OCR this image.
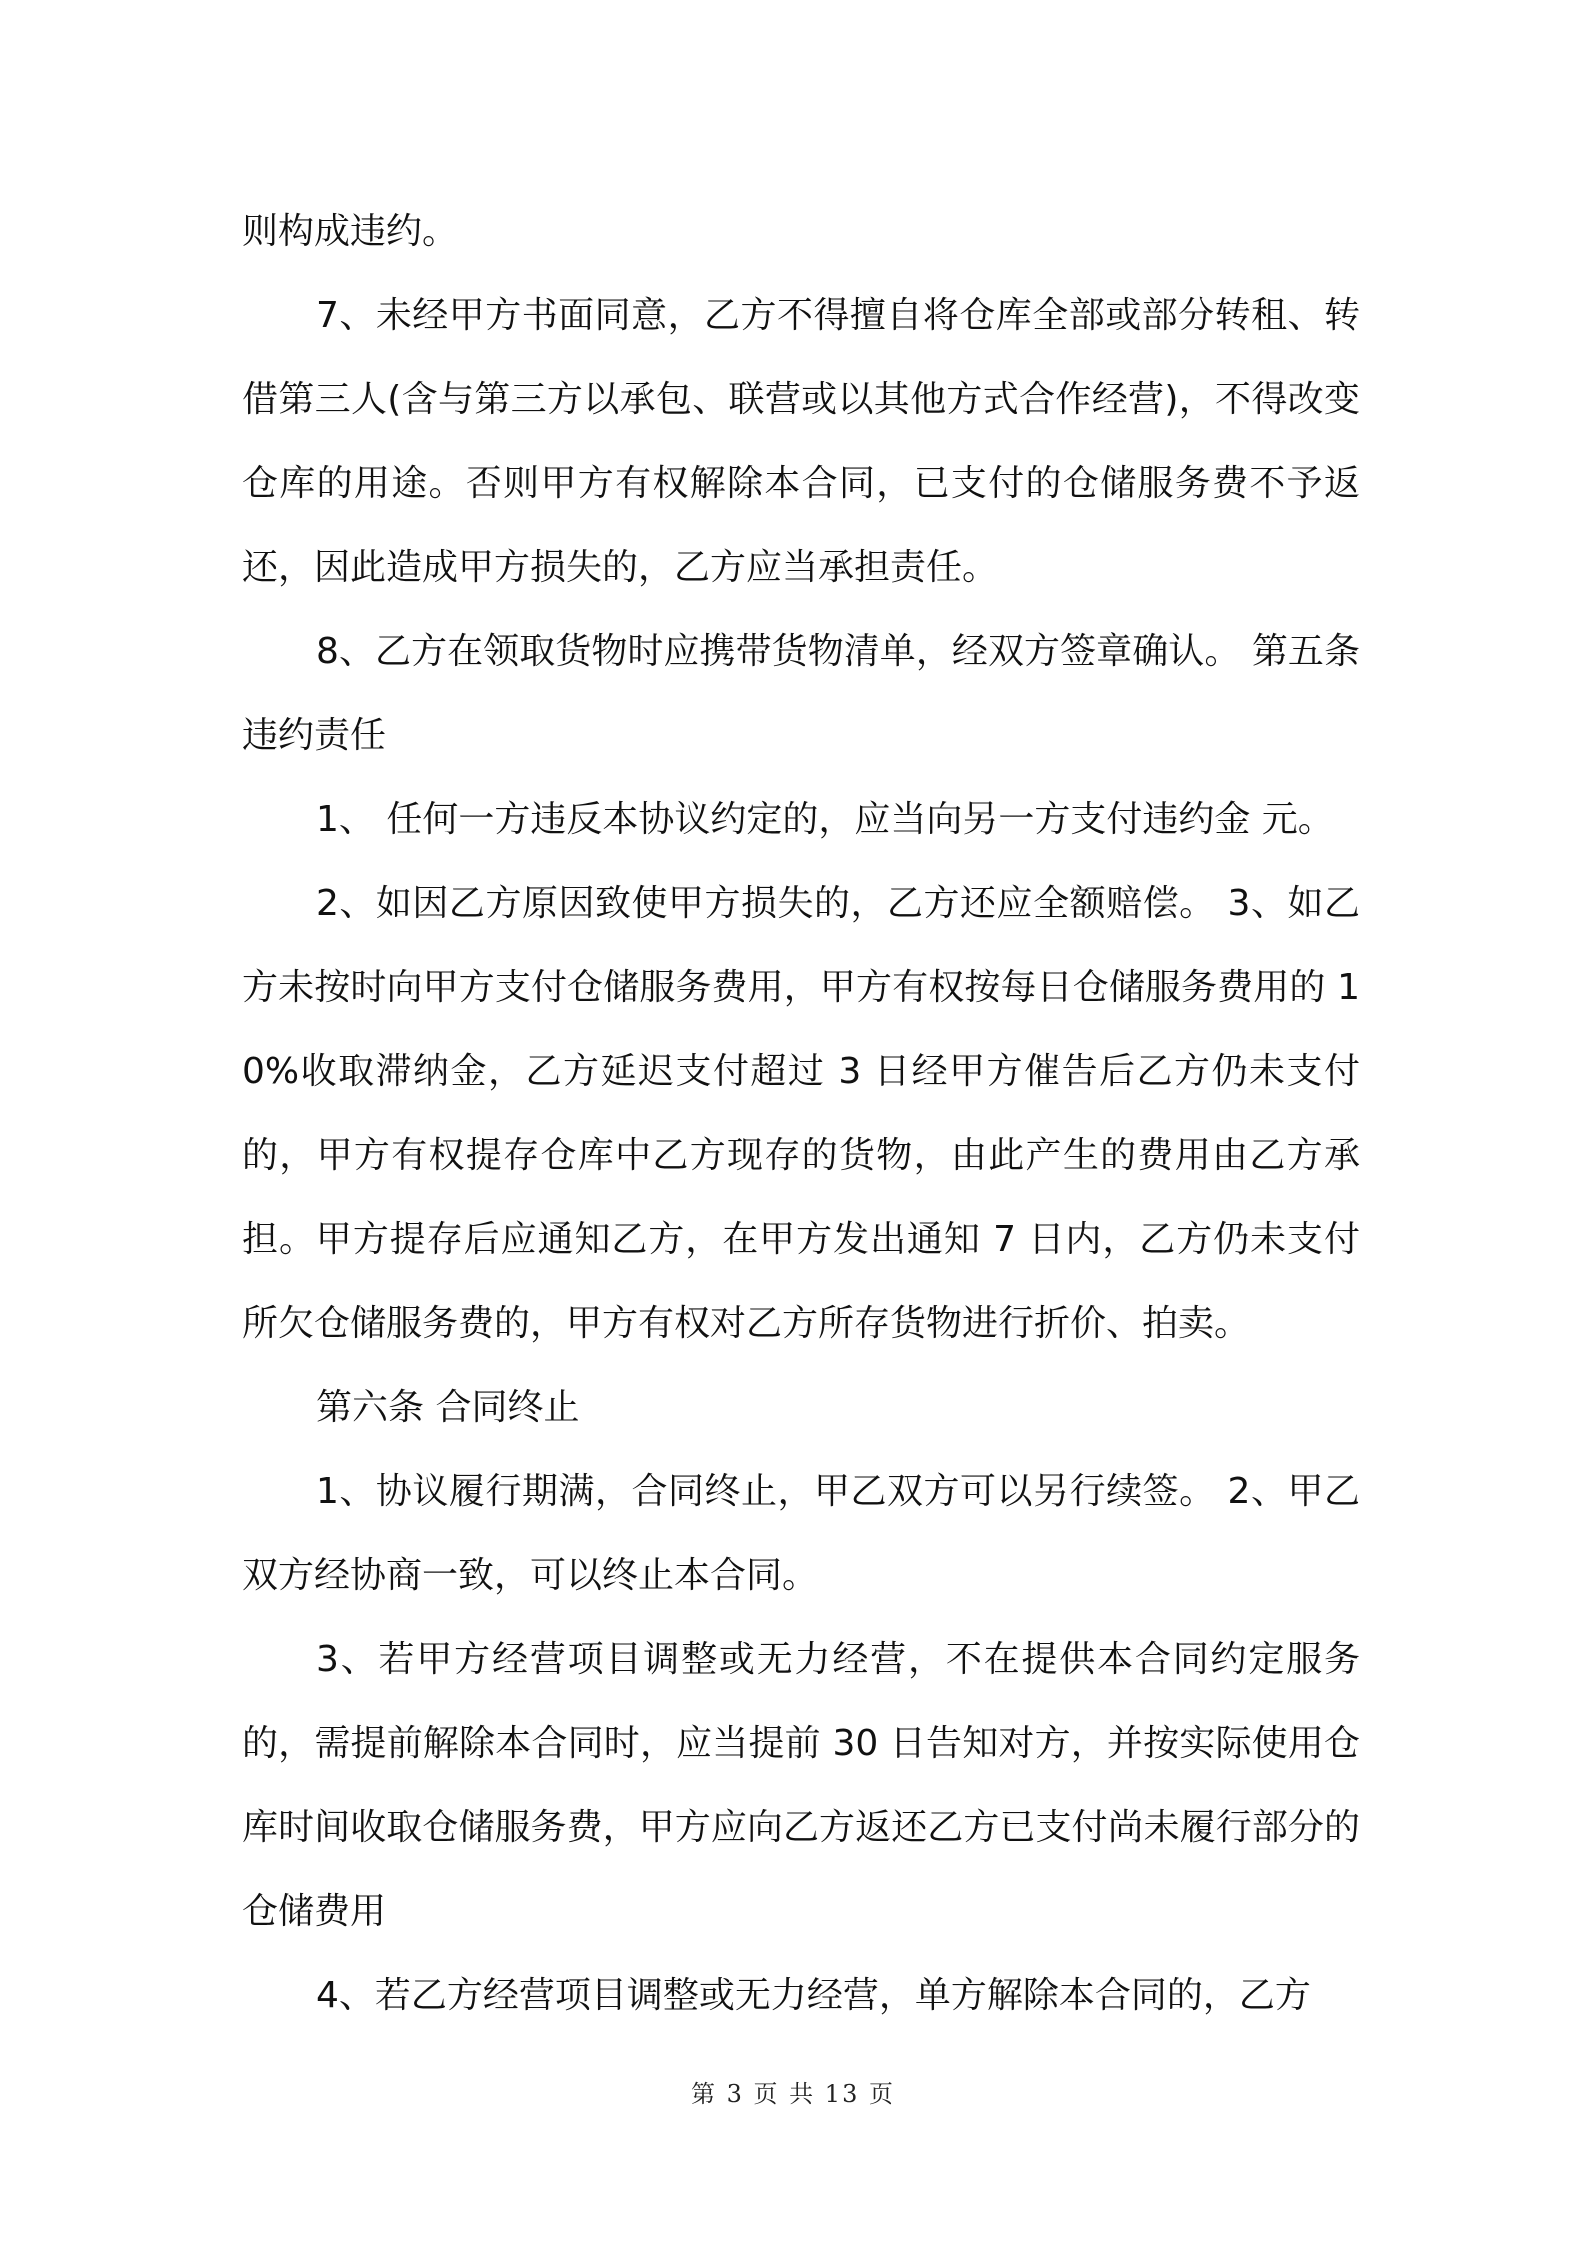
则构成违约。

7、未经甲方书面同意，乙方不得擅自将仓库全部或部分转租、转借第三人(含与第三方以承包、联营或以其他方式合作经营)，不得改变仓库的用途。否则甲方有权解除本合同，已支付的仓储服务费不予返还，因此造成甲方损失的，乙方应当承担责任。

8、乙方在领取货物时应携带货物清单，经双方签章确认。 第五条 违约责任

1、 任何一方违反本协议约定的，应当向另一方支付违约金 元。

2、如因乙方原因致使甲方损失的，乙方还应全额赔偿。 3、如乙方未按时向甲方支付仓储服务费用，甲方有权按每日仓储服务费用的 10%收取滞纳金，乙方延迟支付超过 3 日经甲方催告后乙方仍未支付的，甲方有权提存仓库中乙方现存的货物，由此产生的费用由乙方承担。甲方提存后应通知乙方，在甲方发出通知 7 日内，乙方仍未支付所欠仓储服务费的，甲方有权对乙方所存货物进行折价、拍卖。

第六条 合同终止

1、协议履行期满，合同终止，甲乙双方可以另行续签。 2、甲乙双方经协商一致，可以终止本合同。

3、若甲方经营项目调整或无力经营，不在提供本合同约定服务的，需提前解除本合同时，应当提前 30 日告知对方，并按实际使用仓库时间收取仓储服务费，甲方应向乙方返还乙方已支付尚未履行部分的仓储费用

4、若乙方经营项目调整或无力经营，单方解除本合同的，乙方

第 3 页 共 13 页
